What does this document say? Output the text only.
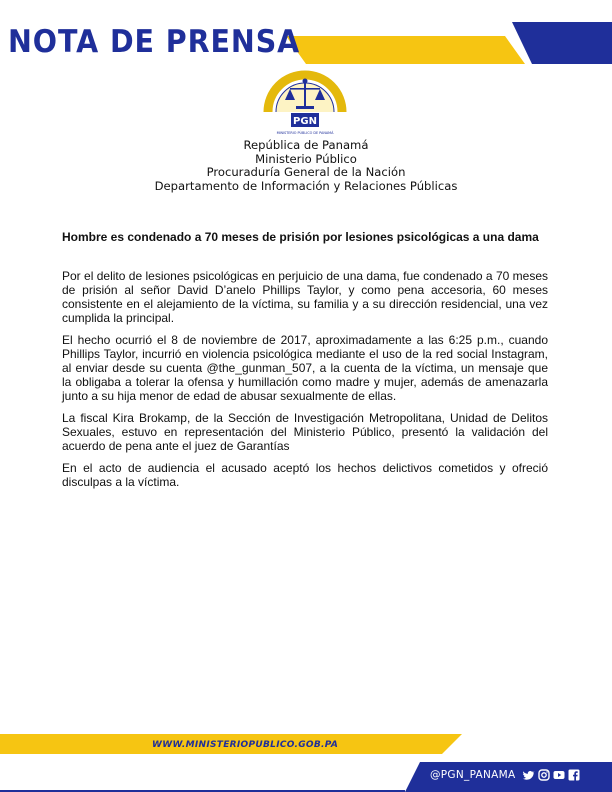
NOTA DE PRENSA
PGN
MINISTERIO PÚBLICO DE PANAMÁ
República de Panamá
Ministerio Público
Procuraduría General de la Nación
Departamento de Información y Relaciones Públicas
Hombre es condenado a 70 meses de prisión por lesiones psicológicas a una dama

Por el delito de lesiones psicológicas en perjuicio de una dama, fue condenado a 70 meses de prisión al señor David D’anelo Phillips Taylor, y como pena accesoria, 60 meses consistente en el alejamiento de la víctima, su familia y a su dirección residencial, una vez cumplida la principal.

El hecho ocurrió el 8 de noviembre de 2017, aproximadamente a las 6:25 p.m., cuando Phillips Taylor, incurrió en violencia psicológica mediante el uso de la red social Instagram, al enviar desde su cuenta @the_gunman_507, a la cuenta de la víctima, un mensaje que la obligaba a tolerar la ofensa y humillación como madre y mujer, además de amenazarla junto a su hija menor de edad de abusar sexualmente de ellas.

La fiscal Kira Brokamp, de la Sección de Investigación Metropolitana, Unidad de Delitos Sexuales, estuvo en representación del Ministerio Público, presentó la validación del acuerdo de pena ante el juez de Garantías

En el acto de audiencia el acusado aceptó los hechos delictivos cometidos y ofreció disculpas a la víctima.

WWW.MINISTERIOPUBLICO.GOB.PA
@PGN_PANAMA
